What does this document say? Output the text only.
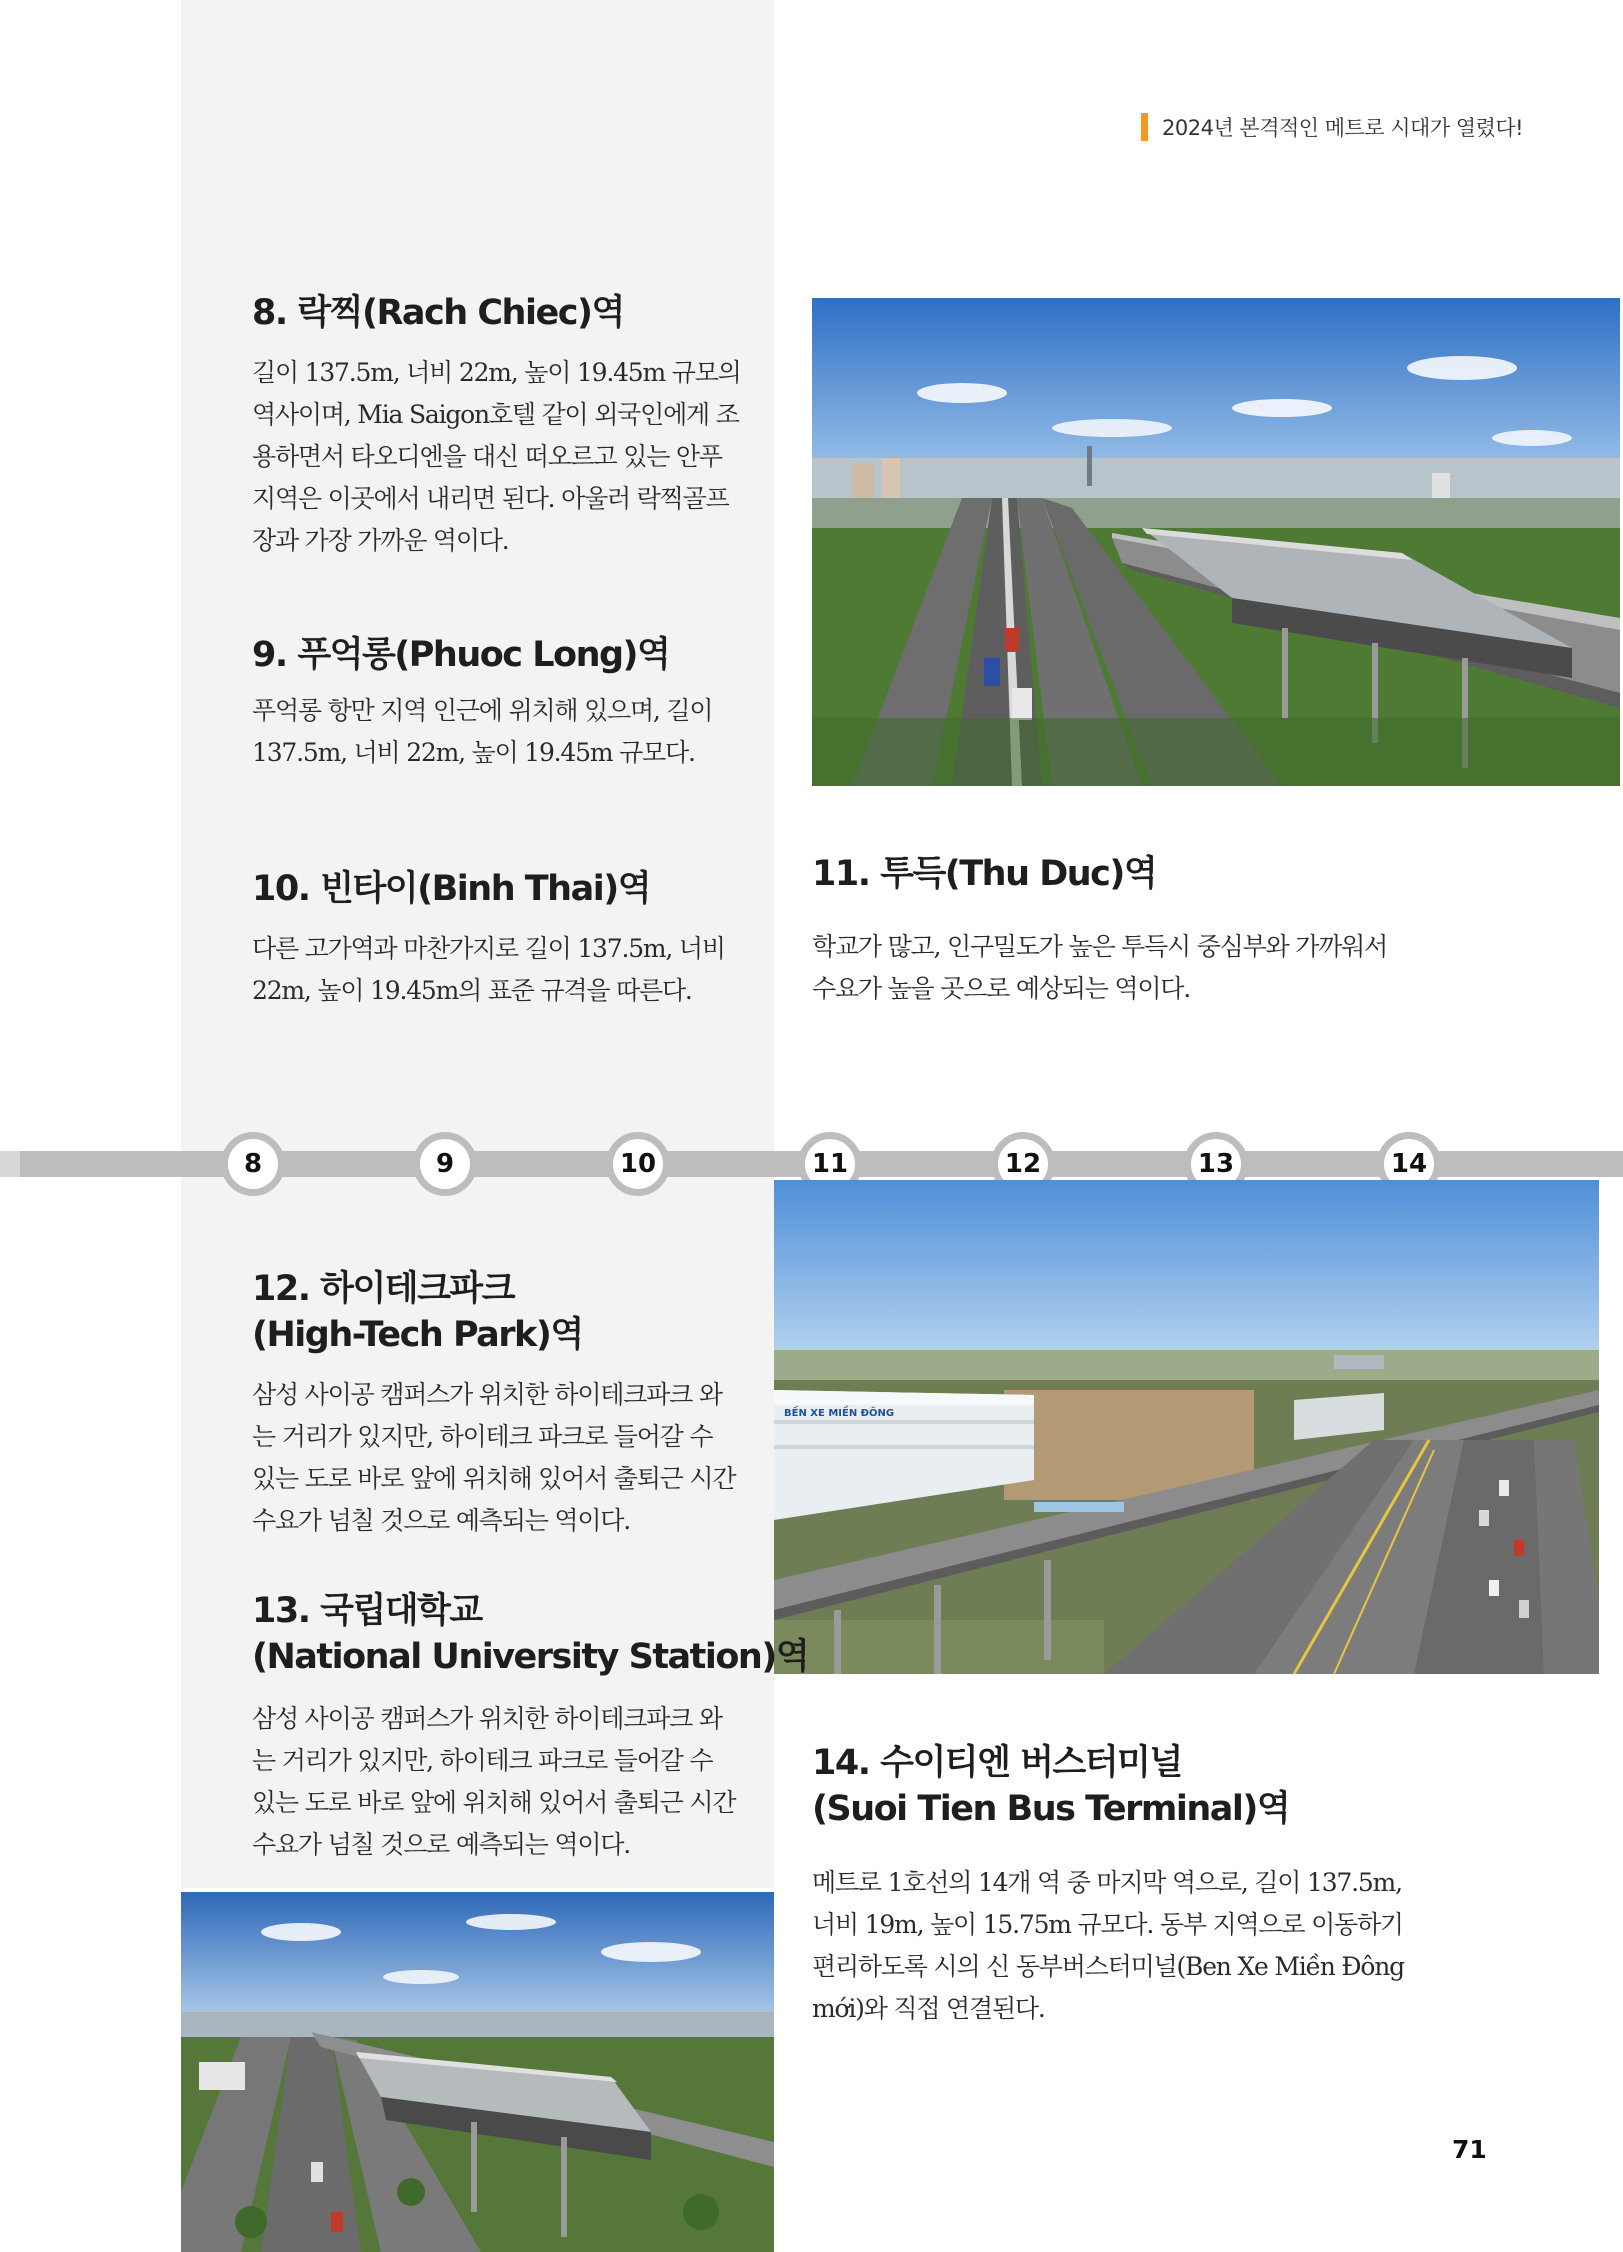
2024년 본격적인 메트로 시대가 열렸다!
8. 락찍(Rach Chiec)역

길이 137.5m, 너비 22m, 높이 19.45m 규모의
역사이며, Mia Saigon호텔 같이 외국인에게 조
용하면서 타오디엔을 대신 떠오르고 있는 안푸
지역은 이곳에서 내리면 된다. 아울러 락찍골프
장과 가장 가까운 역이다.

9. 푸억롱(Phuoc Long)역

푸억롱 항만 지역 인근에 위치해 있으며, 길이
137.5m, 너비 22m, 높이 19.45m 규모다.

10. 빈타이(Binh Thai)역

다른 고가역과 마찬가지로 길이 137.5m, 너비
22m, 높이 19.45m의 표준 규격을 따른다.

11. 투득(Thu Duc)역

학교가 많고, 인구밀도가 높은 투득시 중심부와 가까워서
수요가 높을 곳으로 예상되는 역이다.

8	9	10	11	12	13	14
BẾN XE MIỀN ĐÔNG
12. 하이테크파크
(High-Tech Park)역

삼성 사이공 캠퍼스가 위치한 하이테크파크 와
는 거리가 있지만, 하이테크 파크로 들어갈 수
있는 도로 바로 앞에 위치해 있어서 출퇴근 시간
수요가 넘칠 것으로 예측되는 역이다.

13. 국립대학교
(National University Station)역

삼성 사이공 캠퍼스가 위치한 하이테크파크 와
는 거리가 있지만, 하이테크 파크로 들어갈 수
있는 도로 바로 앞에 위치해 있어서 출퇴근 시간
수요가 넘칠 것으로 예측되는 역이다.

14. 수이티엔 버스터미널
(Suoi Tien Bus Terminal)역

메트로 1호선의 14개 역 중 마지막 역으로, 길이 137.5m,
너비 19m, 높이 15.75m 규모다. 동부 지역으로 이동하기
편리하도록 시의 신 동부버스터미널(Ben Xe Miền Đông
mới)와 직접 연결된다.

71
